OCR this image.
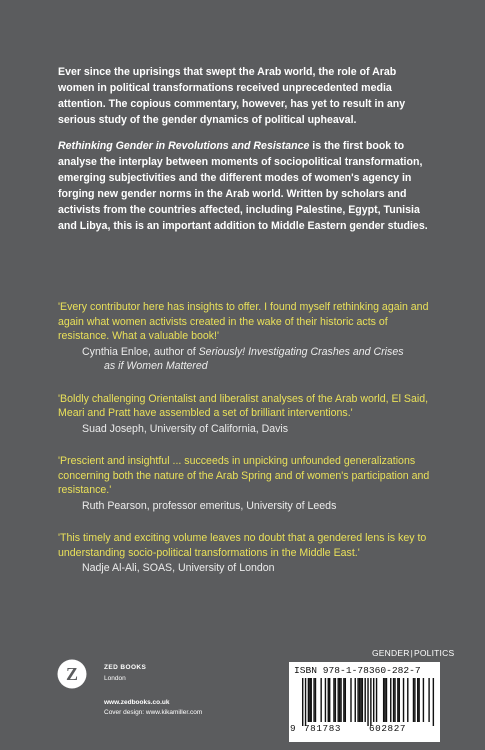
Ever since the uprisings that swept the Arab world, the role of Arab women in political transformations received unprecedented media attention. The copious commentary, however, has yet to result in any serious study of the gender dynamics of political upheaval.

Rethinking Gender in Revolutions and Resistance is the first book to analyse the interplay between moments of sociopolitical transformation, emerging subjectivities and the different modes of women's agency in forging new gender norms in the Arab world. Written by scholars and activists from the countries affected, including Palestine, Egypt, Tunisia and Libya, this is an important addition to Middle Eastern gender studies.

'Every contributor here has insights to offer. I found myself rethinking again and again what women activists created in the wake of their historic acts of resistance. What a valuable book!'

Cynthia Enloe, author of Seriously! Investigating Crashes and Crises
as if Women Mattered

'Boldly challenging Orientalist and liberalist analyses of the Arab world, El Said, Meari and Pratt have assembled a set of brilliant interventions.'

Suad Joseph, University of California, Davis

'Prescient and insightful ... succeeds in unpicking unfounded generalizations concerning both the nature of the Arab Spring and of women's participation and resistance.'

Ruth Pearson, professor emeritus, University of Leeds

'This timely and exciting volume leaves no doubt that a gendered lens is key to understanding socio-political transformations in the Middle East.'

Nadje Al-Ali, SOAS, University of London

GENDER|POLITICS
Z	ZED BOOKS
London
www.zedbooks.co.uk
Cover design: www.kikamiller.com
ISBN 978-1-78360-282-7
9 781783	602827
